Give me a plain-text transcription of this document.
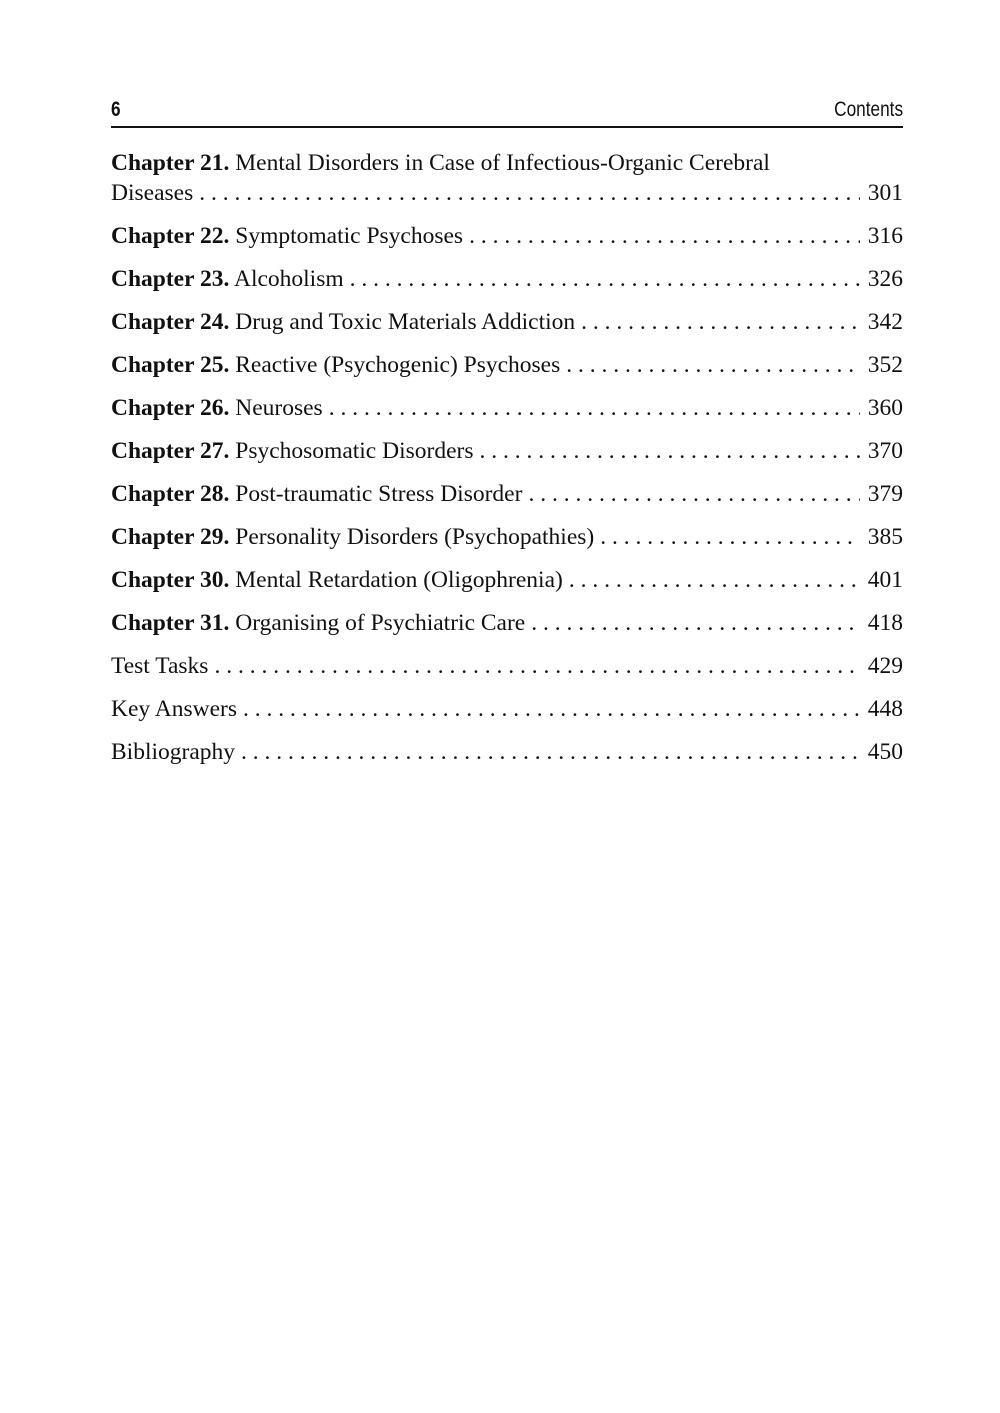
6	Contents
Chapter 21. Mental Disorders in Case of Infectious-Organic Cerebral
Diseases . . .	301
Chapter 22. Symptomatic Psychoses . . .	316
Chapter 23. Alcoholism . . .	326
Chapter 24. Drug and Toxic Materials Addiction . . .	342
Chapter 25. Reactive (Psychogenic) Psychoses . . .	352
Chapter 26. Neuroses . . .	360
Chapter 27. Psychosomatic Disorders . . .	370
Chapter 28. Post-traumatic Stress Disorder . . .	379
Chapter 29. Personality Disorders (Psychopathies) . . .	385
Chapter 30. Mental Retardation (Oligophrenia) . . .	401
Chapter 31. Organising of Psychiatric Care . . .	418
Test Tasks . . .	429
Key Answers . . .	448
Bibliography . . .	450
